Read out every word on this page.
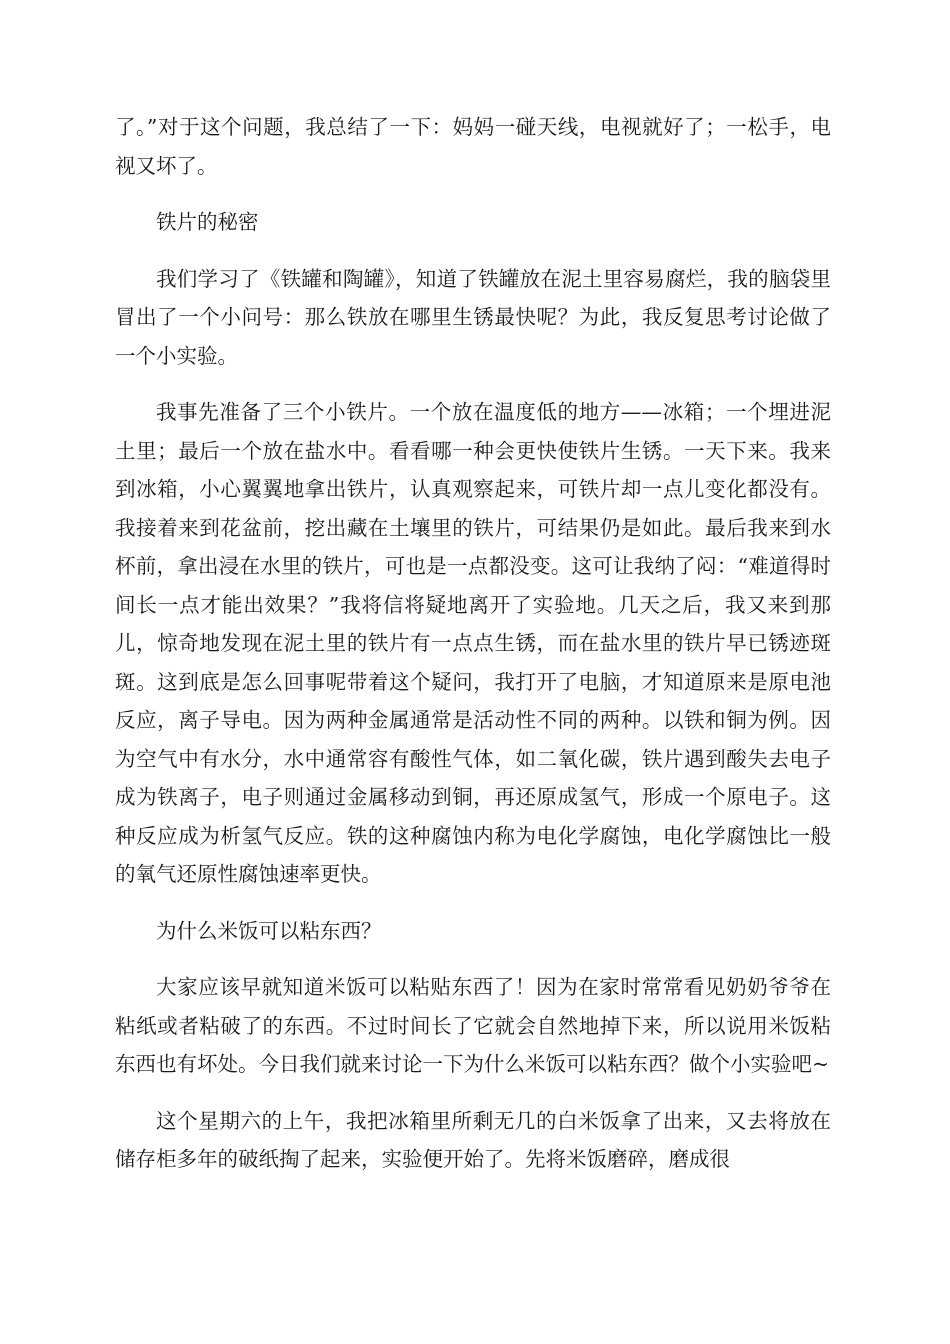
了。”对于这个问题，我总结了一下：妈妈一碰天线，电视就好了；一松手，电视又坏了。

铁片的秘密

我们学习了《铁罐和陶罐》，知道了铁罐放在泥土里容易腐烂，我的脑袋里冒出了一个小问号：那么铁放在哪里生锈最快呢？为此，我反复思考讨论做了一个小实验。

我事先准备了三个小铁片。一个放在温度低的地方——冰箱；一个埋进泥土里；最后一个放在盐水中。看看哪一种会更快使铁片生锈。一天下来。我来到冰箱，小心翼翼地拿出铁片，认真观察起来，可铁片却一点儿变化都没有。我接着来到花盆前，挖出藏在土壤里的铁片，可结果仍是如此。最后我来到水杯前，拿出浸在水里的铁片，可也是一点都没变。这可让我纳了闷：“难道得时间长一点才能出效果？”我将信将疑地离开了实验地。几天之后，我又来到那儿，惊奇地发现在泥土里的铁片有一点点生锈，而在盐水里的铁片早已锈迹斑斑。这到底是怎么回事呢带着这个疑问，我打开了电脑，才知道原来是原电池反应，离子导电。因为两种金属通常是活动性不同的两种。以铁和铜为例。因为空气中有水分，水中通常容有酸性气体，如二氧化碳，铁片遇到酸失去电子成为铁离子，电子则通过金属移动到铜，再还原成氢气，形成一个原电子。这种反应成为析氢气反应。铁的这种腐蚀内称为电化学腐蚀，电化学腐蚀比一般的氧气还原性腐蚀速率更快。

为什么米饭可以粘东西？

大家应该早就知道米饭可以粘贴东西了！因为在家时常常看见奶奶爷爷在粘纸或者粘破了的东西。不过时间长了它就会自然地掉下来，所以说用米饭粘东西也有坏处。今日我们就来讨论一下为什么米饭可以粘东西？做个小实验吧~

这个星期六的上午，我把冰箱里所剩无几的白米饭拿了出来，又去将放在储存柜多年的破纸掏了起来，实验便开始了。先将米饭磨碎，磨成很
